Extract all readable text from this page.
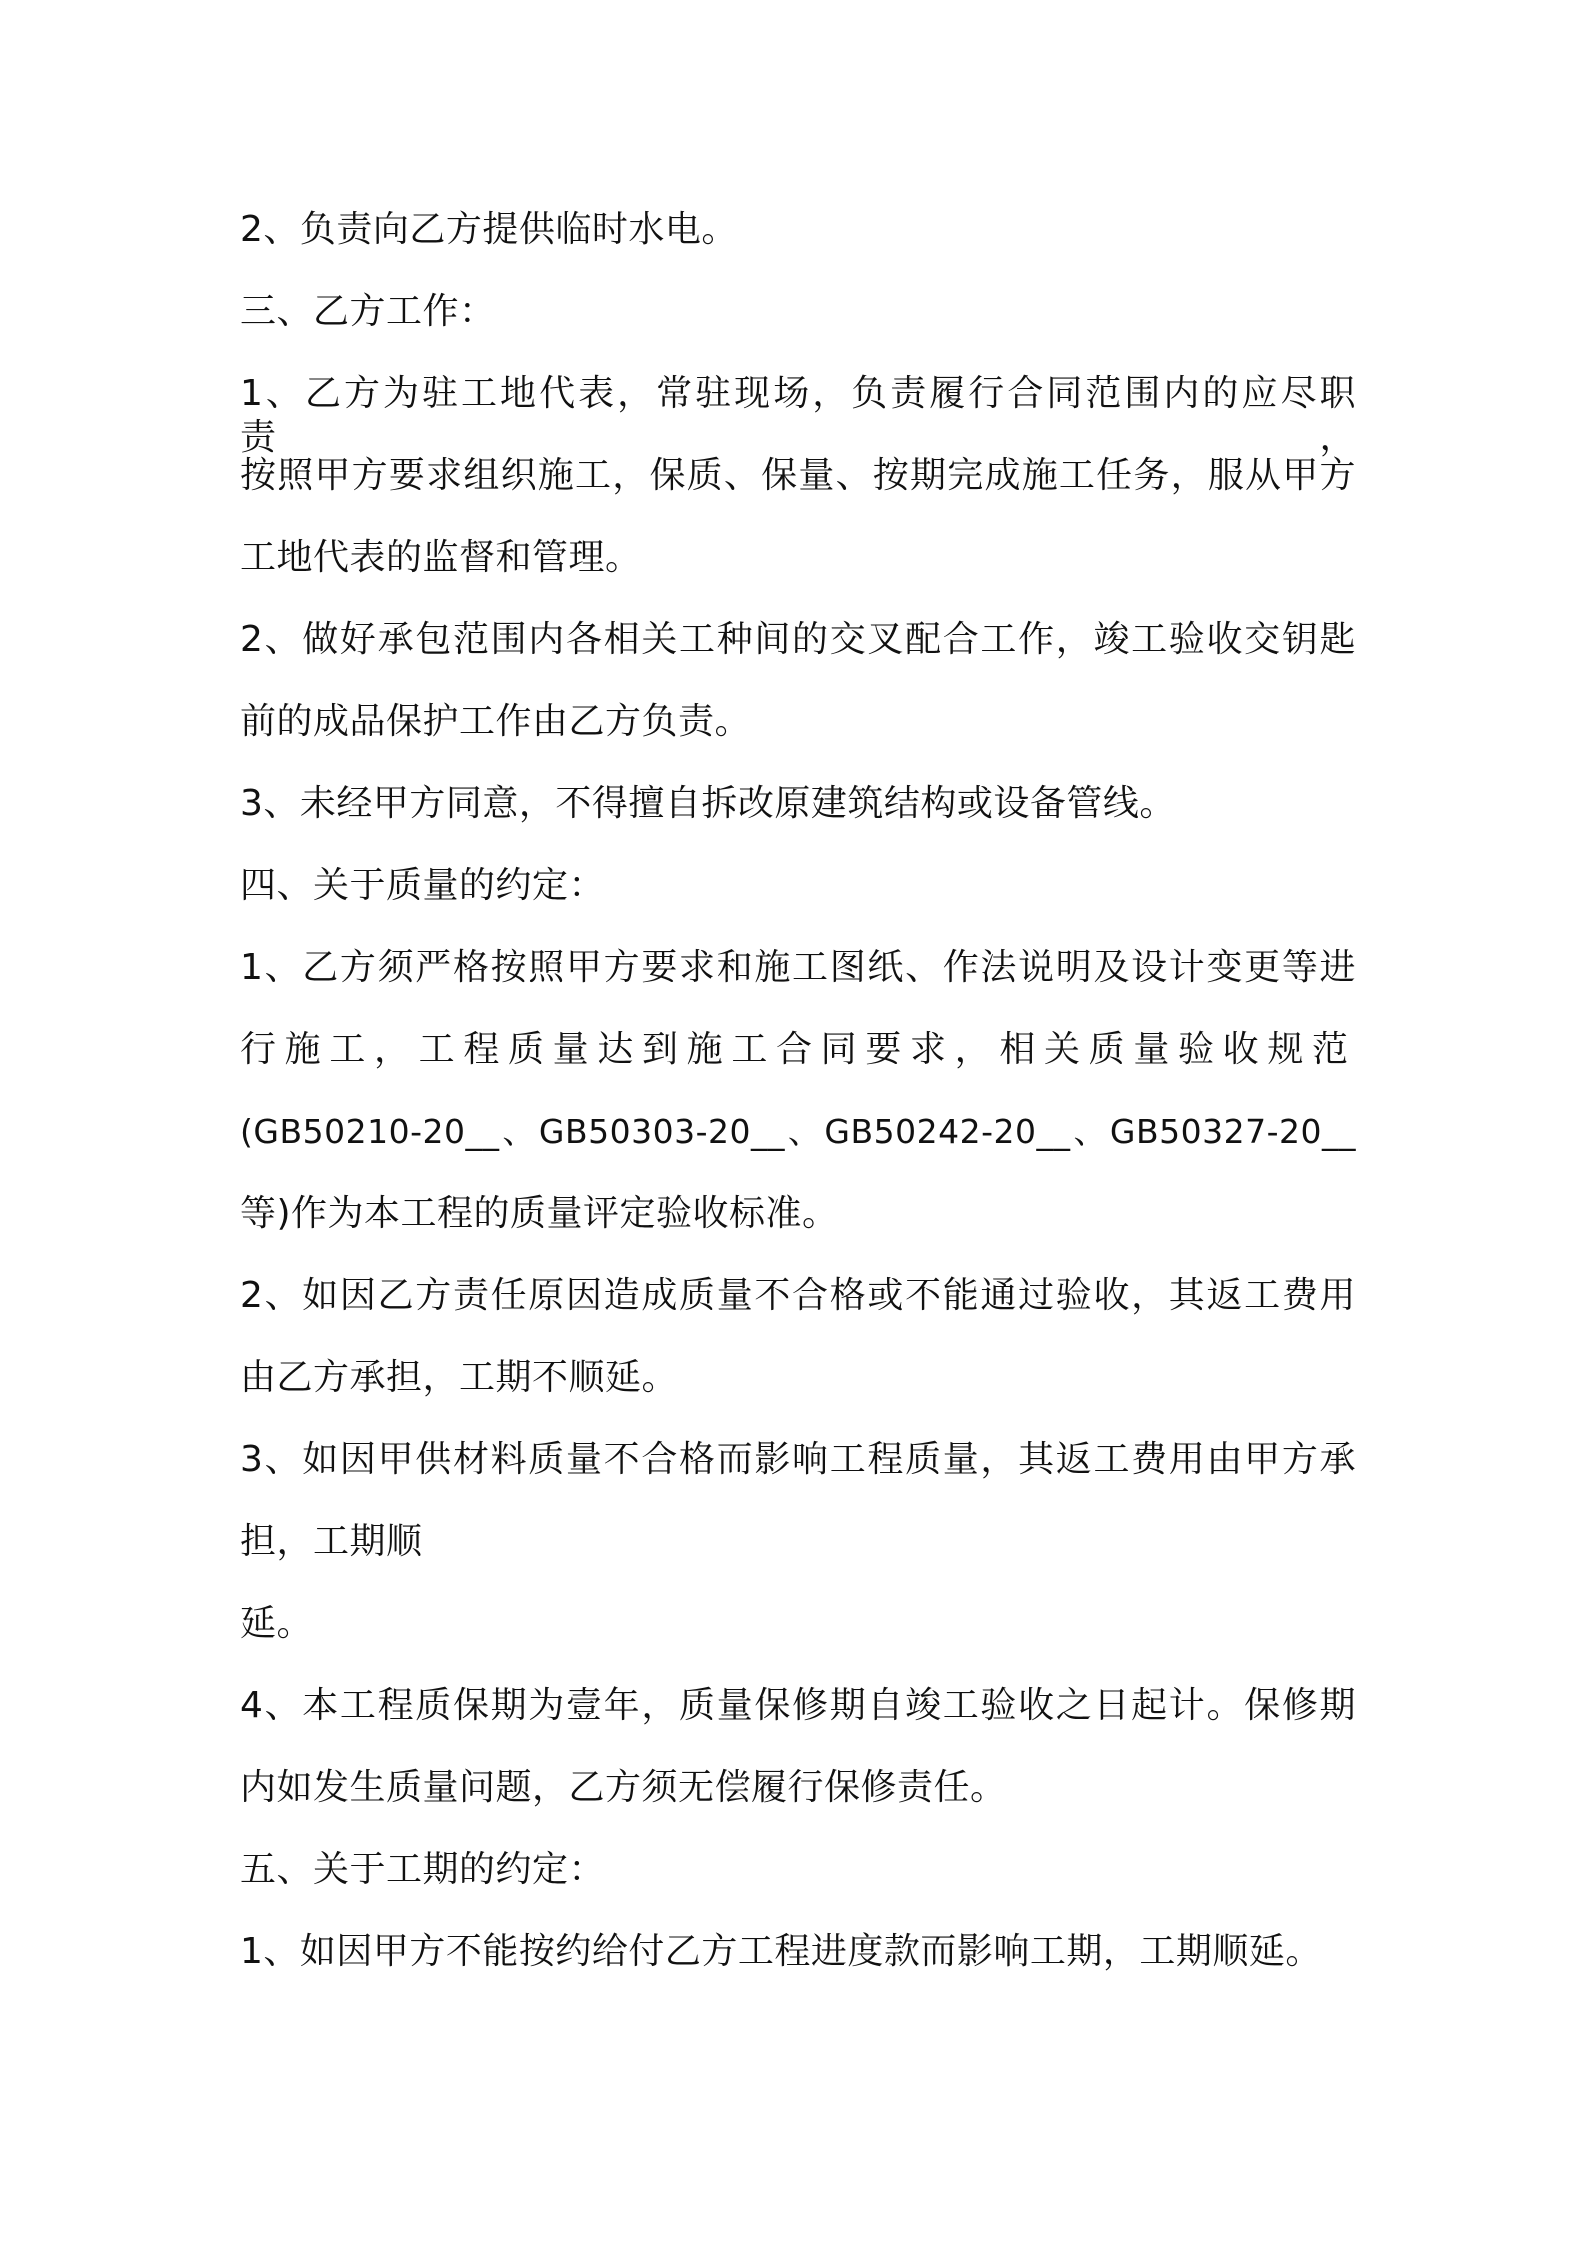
2、负责向乙方提供临时水电。

三、乙方工作：

1、乙方为驻工地代表，常驻现场，负责履行合同范围内的应尽职责，

按照甲方要求组织施工，保质、保量、按期完成施工任务，服从甲方

工地代表的监督和管理。

2、做好承包范围内各相关工种间的交叉配合工作，竣工验收交钥匙

前的成品保护工作由乙方负责。

3、未经甲方同意，不得擅自拆改原建筑结构或设备管线。

四、关于质量的约定：

1、乙方须严格按照甲方要求和施工图纸、作法说明及设计变更等进

行施工，工程质量达到施工合同要求，相关质量验收规范

(GB50210-20__、GB50303-20__、GB50242-20__、GB50327-20__

等)作为本工程的质量评定验收标准。

2、如因乙方责任原因造成质量不合格或不能通过验收，其返工费用

由乙方承担，工期不顺延。

3、如因甲供材料质量不合格而影响工程质量，其返工费用由甲方承

担，工期顺

延。

4、本工程质保期为壹年，质量保修期自竣工验收之日起计。保修期

内如发生质量问题，乙方须无偿履行保修责任。

五、关于工期的约定：

1、如因甲方不能按约给付乙方工程进度款而影响工期，工期顺延。
